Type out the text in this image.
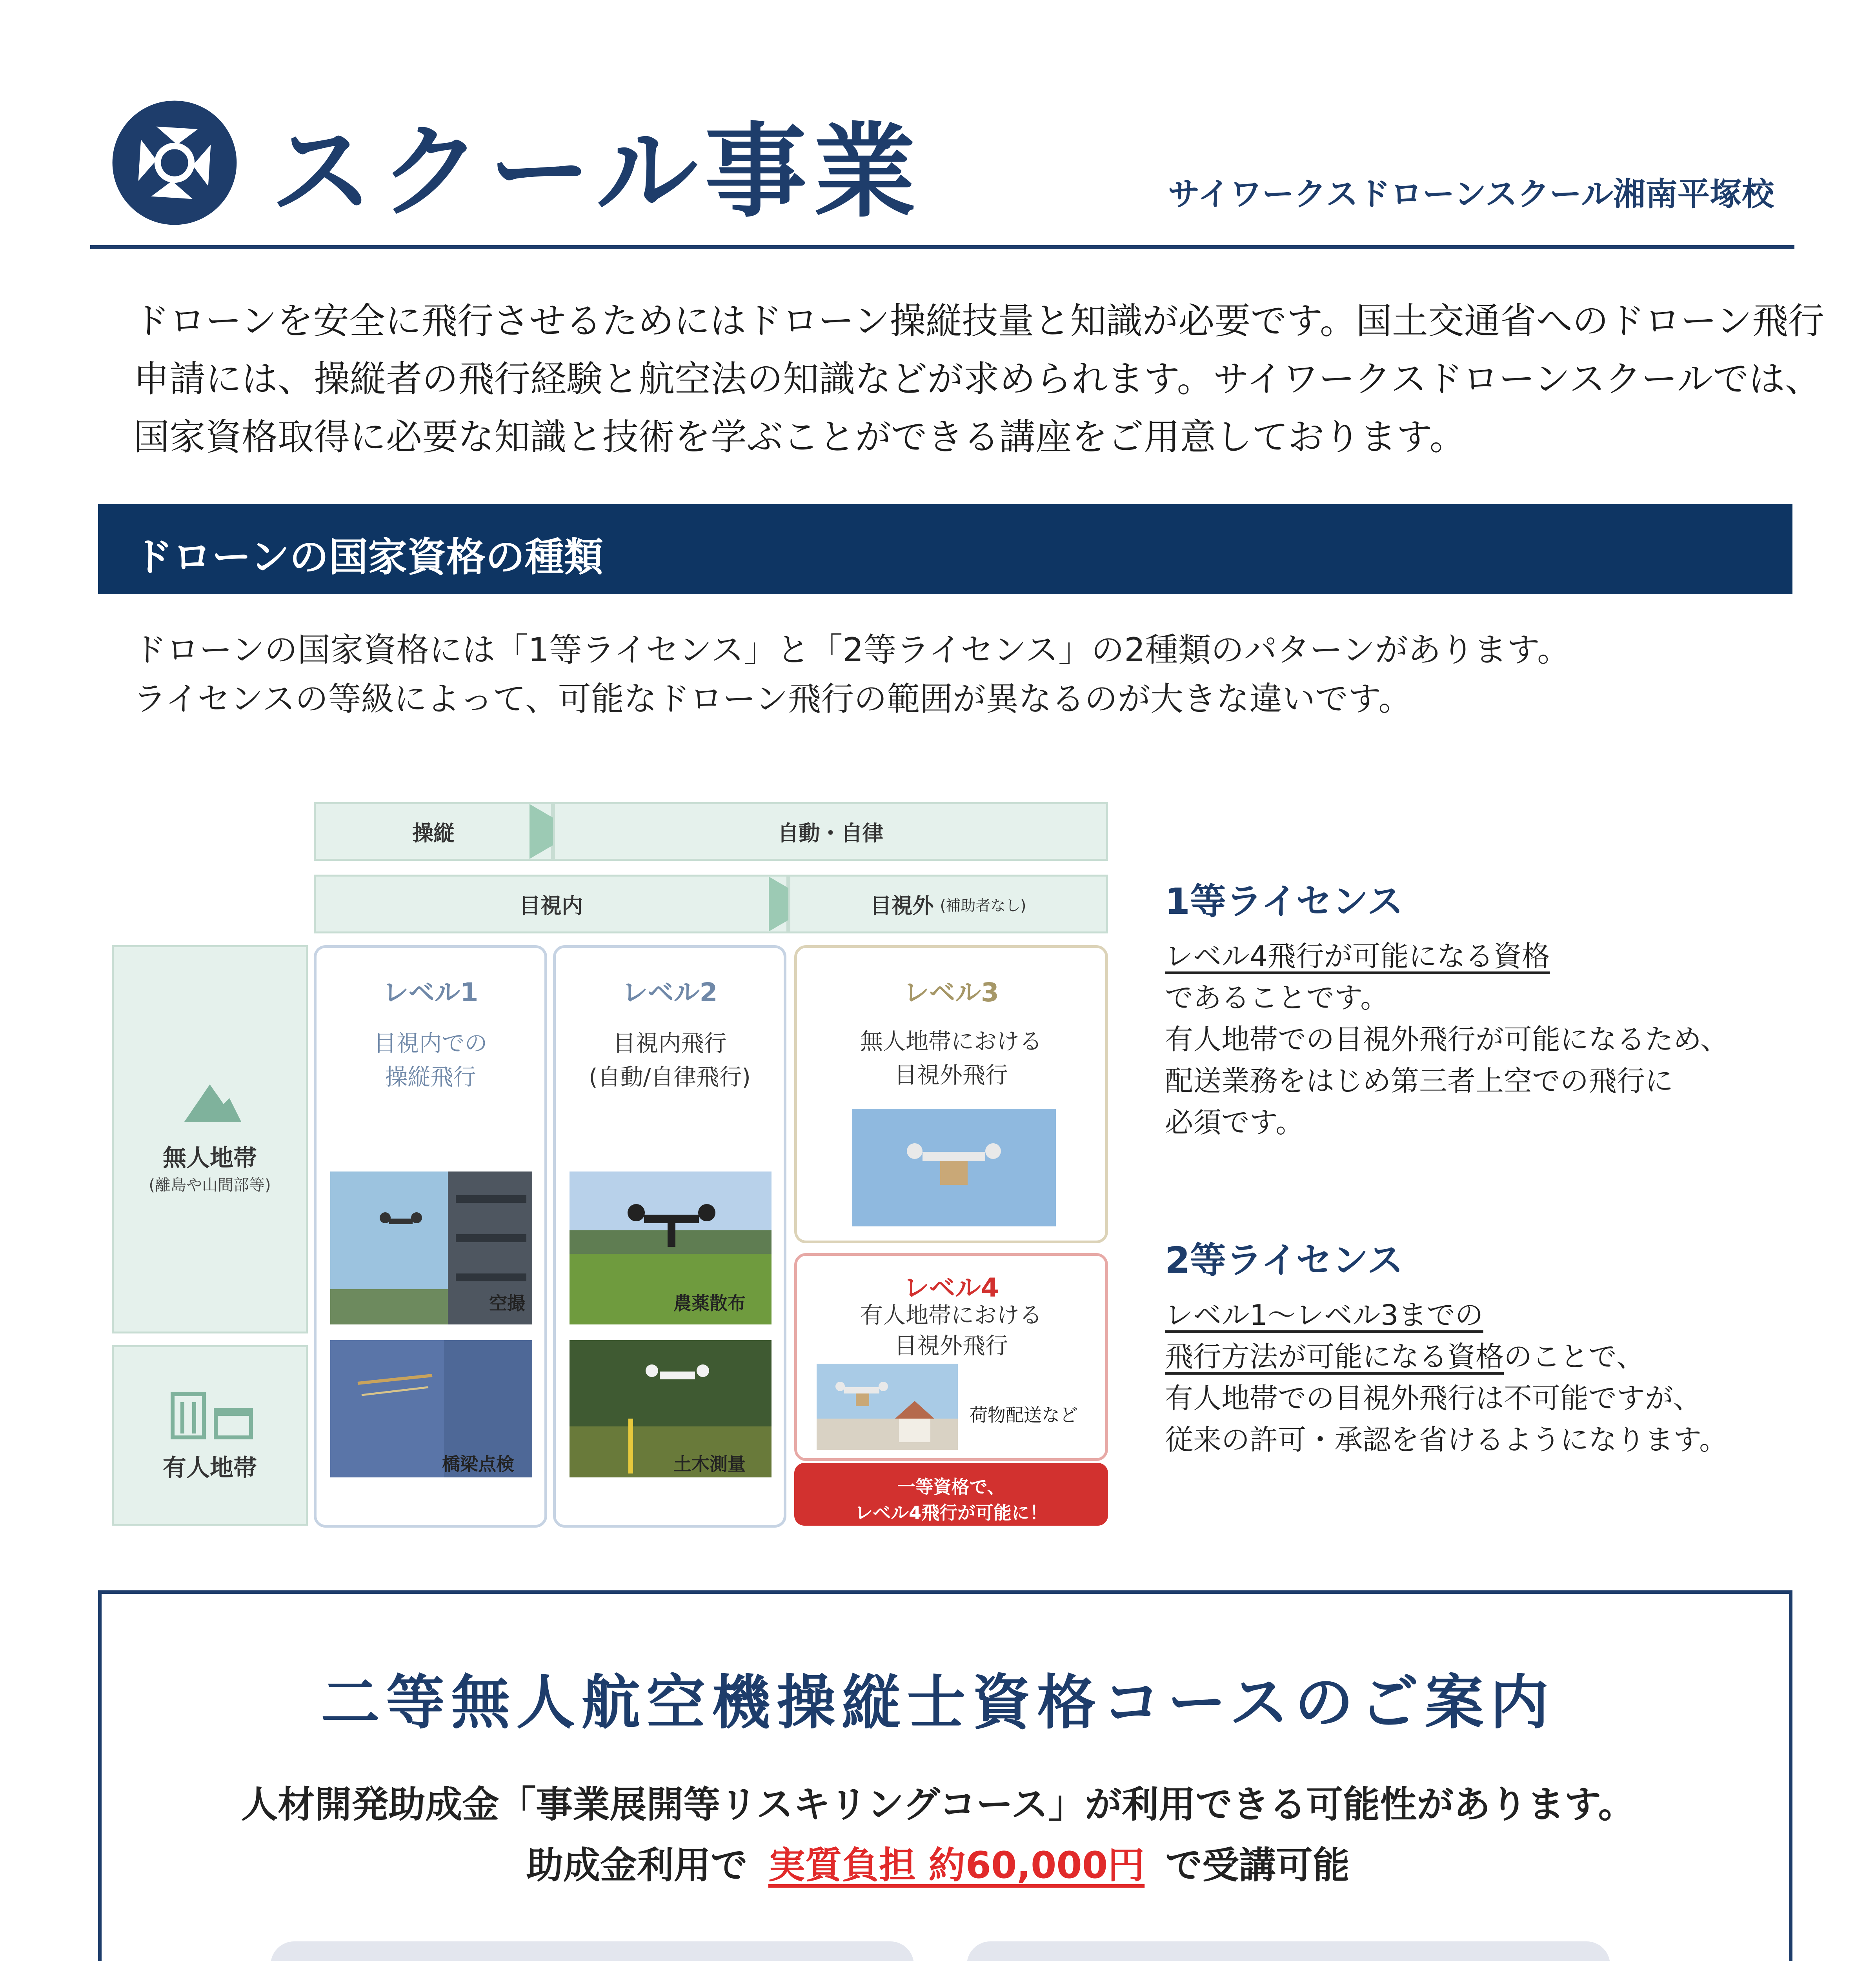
スクール事業	サイワークスドローンスクール湘南平塚校
ドローンを安全に飛行させるためにはドローン操縦技量と知識が必要です。国土交通省へのドローン飛行
申請には、操縦者の飛行経験と航空法の知識などが求められます。サイワークスドローンスクールでは、
国家資格取得に必要な知識と技術を学ぶことができる講座をご用意しております。
ドローンの国家資格の種類
ドローンの国家資格には「1等ライセンス」と「2等ライセンス」の2種類のパターンがあります。
ライセンスの等級によって、可能なドローン飛行の範囲が異なるのが大きな違いです。
操縦	自動・自律
目視内	目視外 (補助者なし)
無人地帯
(離島や山間部等)
有人地帯
レベル1
目視内での
操縦飛行
空撮
橋梁点検
レベル2
目視内飛行
(自動/自律飛行)
農薬散布
土木測量
レベル3
無人地帯における
目視外飛行
レベル4
有人地帯における
目視外飛行
荷物配送など
一等資格で、
レベル4飛行が可能に！
1等ライセンス
レベル4飛行が可能になる資格
であることです。
有人地帯での目視外飛行が可能になるため、
配送業務をはじめ第三者上空での飛行に
必須です。
2等ライセンス
レベル1～レベル3までの
飛行方法が可能になる資格のことで、
有人地帯での目視外飛行は不可能ですが、
従来の許可・承認を省けるようになります。
二等無人航空機操縦士資格コースのご案内
人材開発助成金「事業展開等リスキリングコース」が利用できる可能性があります。
助成金利用で 実質負担 約60,000円 で受講可能
